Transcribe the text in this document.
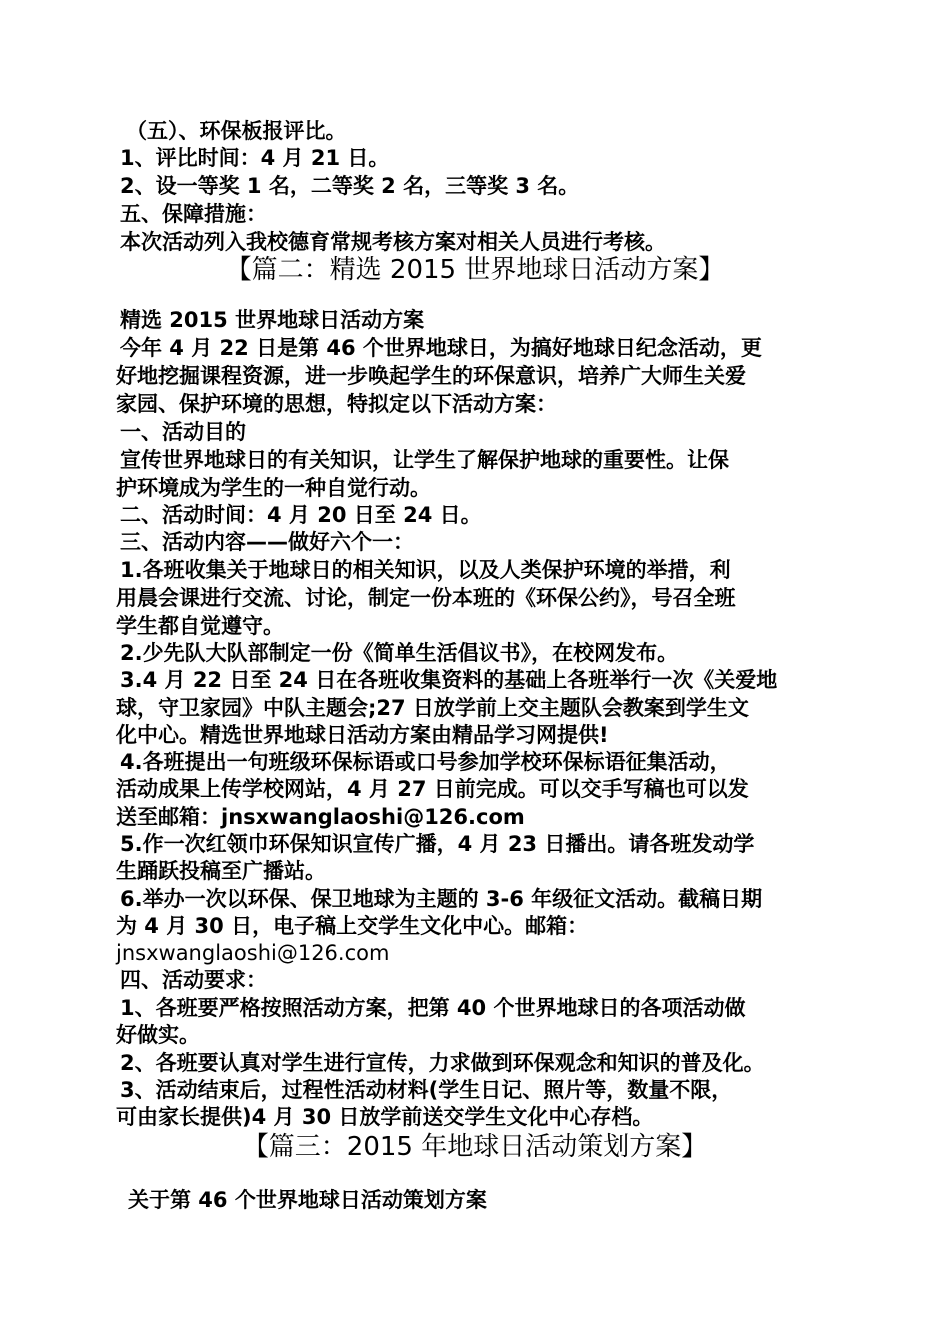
（五）、环保板报评比。
1、评比时间：4 月 21 日。
2、设一等奖 1 名，二等奖 2 名，三等奖 3 名。
五、保障措施：
本次活动列入我校德育常规考核方案对相关人员进行考核。
【篇二：精选 2015 世界地球日活动方案】
精选 2015 世界地球日活动方案
今年 4 月 22 日是第 46 个世界地球日，为搞好地球日纪念活动，更
好地挖掘课程资源，进一步唤起学生的环保意识，培养广大师生关爱
家园、保护环境的思想，特拟定以下活动方案：
一、活动目的
宣传世界地球日的有关知识，让学生了解保护地球的重要性。让保
护环境成为学生的一种自觉行动。
二、活动时间：4 月 20 日至 24 日。
三、活动内容——做好六个一：
1.各班收集关于地球日的相关知识，以及人类保护环境的举措，利
用晨会课进行交流、讨论，制定一份本班的《环保公约》，号召全班
学生都自觉遵守。
2.少先队大队部制定一份《简单生活倡议书》，在校网发布。
3.4 月 22 日至 24 日在各班收集资料的基础上各班举行一次《关爱地
球，守卫家园》中队主题会;27 日放学前上交主题队会教案到学生文
化中心。精选世界地球日活动方案由精品学习网提供!
4.各班提出一句班级环保标语或口号参加学校环保标语征集活动，
活动成果上传学校网站，4 月 27 日前完成。可以交手写稿也可以发
送至邮箱：jnsxwanglaoshi@126.com
5.作一次红领巾环保知识宣传广播，4 月 23 日播出。请各班发动学
生踊跃投稿至广播站。
6.举办一次以环保、保卫地球为主题的 3-6 年级征文活动。截稿日期
为 4 月 30 日，电子稿上交学生文化中心。邮箱：
jnsxwanglaoshi@126.com
四、活动要求：
1、各班要严格按照活动方案，把第 40 个世界地球日的各项活动做
好做实。
2、各班要认真对学生进行宣传，力求做到环保观念和知识的普及化。
3、活动结束后，过程性活动材料(学生日记、照片等，数量不限，
可由家长提供)4 月 30 日放学前送交学生文化中心存档。
【篇三：2015 年地球日活动策划方案】
关于第 46 个世界地球日活动策划方案
